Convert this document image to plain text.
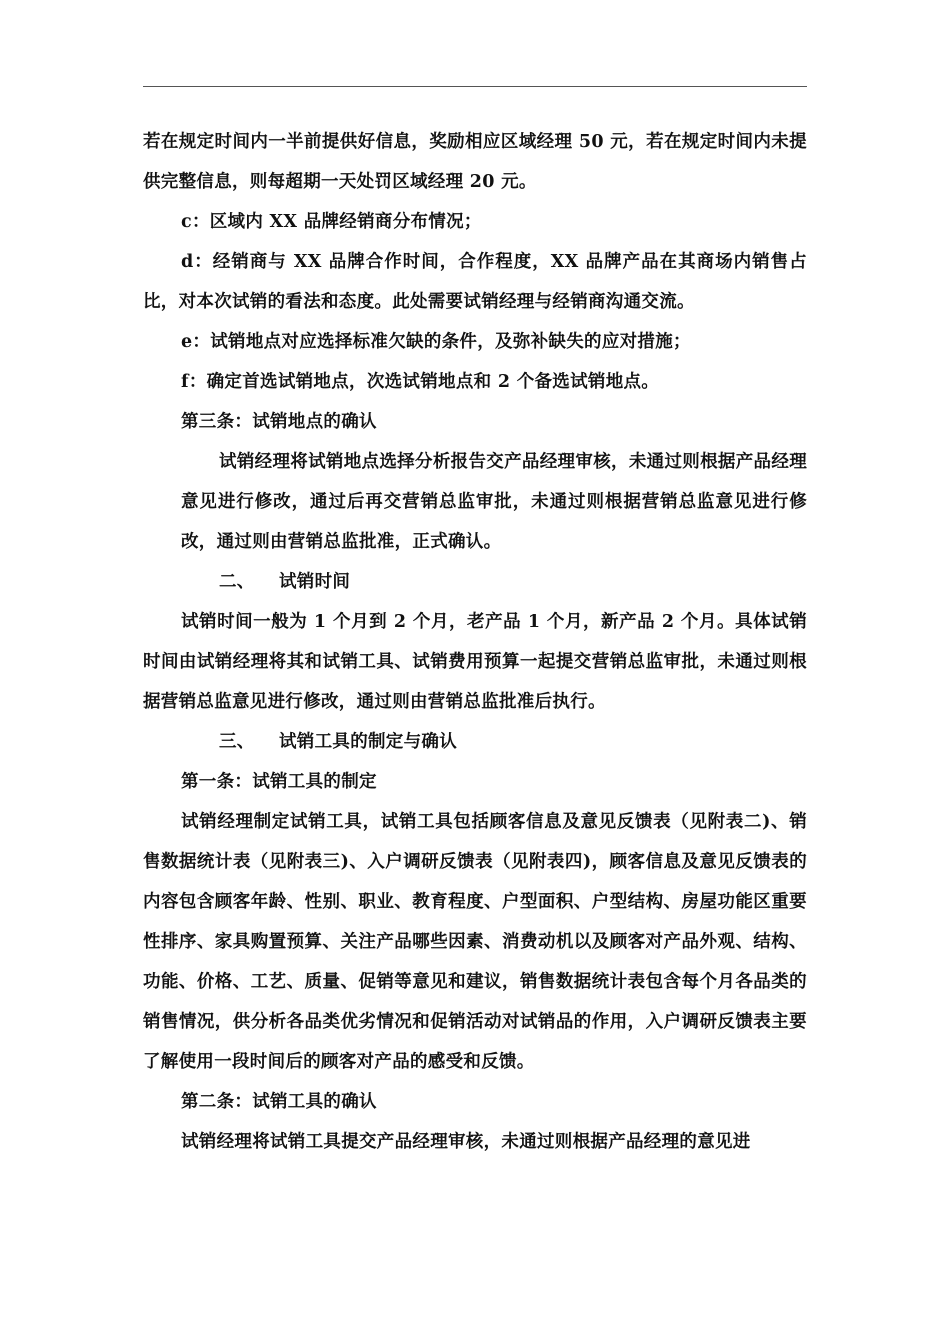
若在规定时间内一半前提供好信息，奖励相应区域经理 50 元，若在规定时间内未提供完整信息，则每超期一天处罚区域经理 20 元。

c：区域内 XX 品牌经销商分布情况；

d：经销商与 XX 品牌合作时间，合作程度，XX 品牌产品在其商场内销售占比，对本次试销的看法和态度。此处需要试销经理与经销商沟通交流。

e：试销地点对应选择标准欠缺的条件，及弥补缺失的应对措施；

f：确定首选试销地点，次选试销地点和 2 个备选试销地点。

第三条：试销地点的确认

试销经理将试销地点选择分析报告交产品经理审核，未通过则根据产品经理意见进行修改，通过后再交营销总监审批，未通过则根据营销总监意见进行修改，通过则由营销总监批准，正式确认。

二、 试销时间

试销时间一般为 1 个月到 2 个月，老产品 1 个月，新产品 2 个月。具体试销时间由试销经理将其和试销工具、试销费用预算一起提交营销总监审批，未通过则根据营销总监意见进行修改，通过则由营销总监批准后执行。

三、 试销工具的制定与确认

第一条：试销工具的制定

试销经理制定试销工具，试销工具包括顾客信息及意见反馈表（见附表二)、销售数据统计表（见附表三)、入户调研反馈表（见附表四)，顾客信息及意见反馈表的内容包含顾客年龄、性别、职业、教育程度、户型面积、户型结构、房屋功能区重要性排序、家具购置预算、关注产品哪些因素、消费动机以及顾客对产品外观、结构、功能、价格、工艺、质量、促销等意见和建议，销售数据统计表包含每个月各品类的销售情况，供分析各品类优劣情况和促销活动对试销品的作用，入户调研反馈表主要了解使用一段时间后的顾客对产品的感受和反馈。

第二条：试销工具的确认

试销经理将试销工具提交产品经理审核，未通过则根据产品经理的意见进
